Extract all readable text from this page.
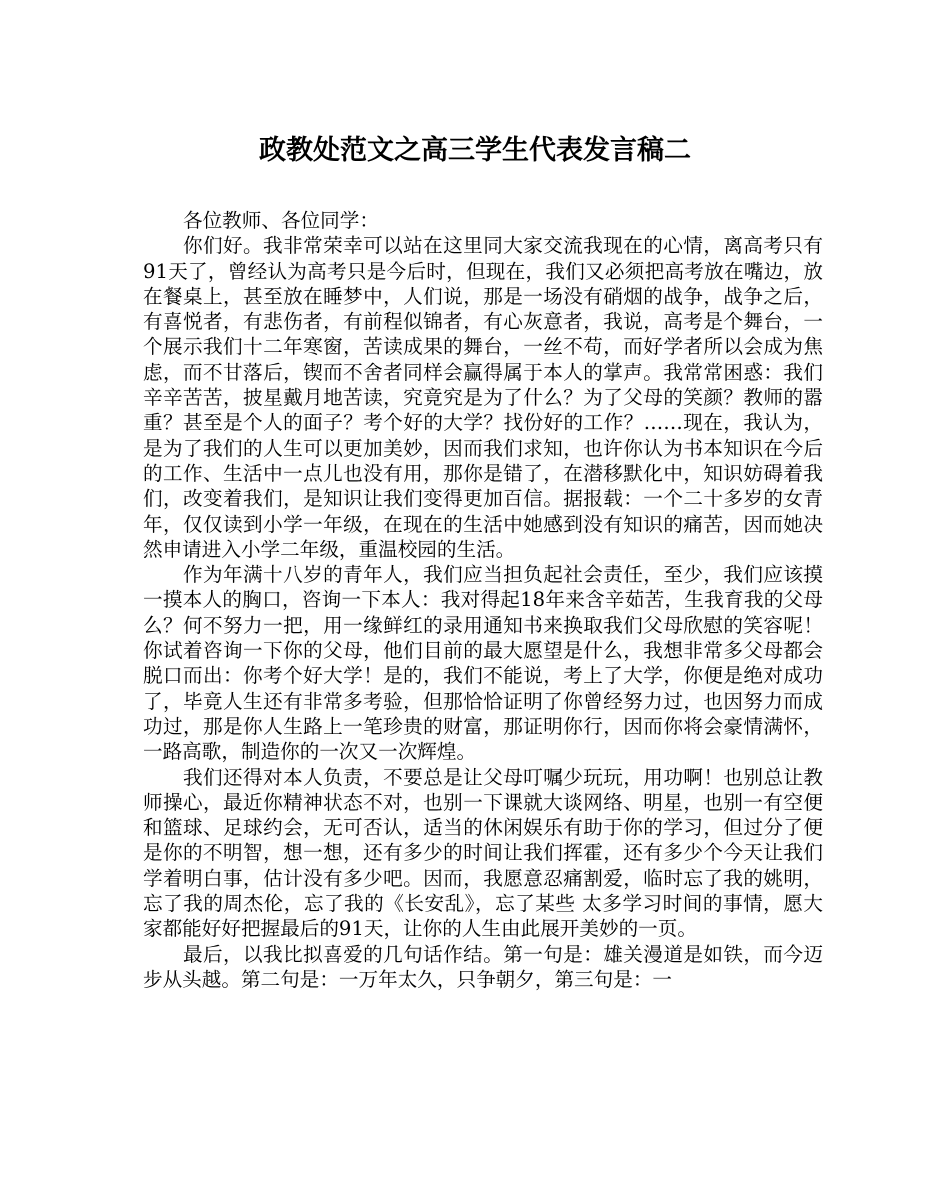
政教处范文之高三学生代表发言稿二

各位教师、各位同学：

你们好。我非常荣幸可以站在这里同大家交流我现在的心情，离高考只有91天了，曾经认为高考只是今后时，但现在，我们又必须把高考放在嘴边，放在餐桌上，甚至放在睡梦中，人们说，那是一场没有硝烟的战争，战争之后，有喜悦者，有悲伤者，有前程似锦者，有心灰意者，我说，高考是个舞台，一个展示我们十二年寒窗，苦读成果的舞台，一丝不苟，而好学者所以会成为焦虑，而不甘落后，锲而不舍者同样会赢得属于本人的掌声。我常常困惑：我们辛辛苦苦，披星戴月地苦读，究竟究是为了什么？为了父母的笑颜？教师的嚣重？甚至是个人的面子？考个好的大学？找份好的工作？……现在，我认为，是为了我们的人生可以更加美妙，因而我们求知，也许你认为书本知识在今后的工作、生活中一点儿也没有用，那你是错了，在潜移默化中，知识妨碍着我们，改变着我们，是知识让我们变得更加百信。据报载：一个二十多岁的女青年，仅仅读到小学一年级，在现在的生活中她感到没有知识的痛苦，因而她决然申请进入小学二年级，重温校园的生活。

作为年满十八岁的青年人，我们应当担负起社会责任，至少，我们应该摸一摸本人的胸口，咨询一下本人：我对得起18年来含辛茹苦，生我育我的父母么？何不努力一把，用一缘鲜红的录用通知书来换取我们父母欣慰的笑容呢！你试着咨询一下你的父母，他们目前的最大愿望是什么，我想非常多父母都会脱口而出：你考个好大学！是的，我们不能说，考上了大学，你便是绝对成功了，毕竟人生还有非常多考验，但那恰恰证明了你曾经努力过，也因努力而成功过，那是你人生路上一笔珍贵的财富，那证明你行，因而你将会豪情满怀，一路高歌，制造你的一次又一次辉煌。

我们还得对本人负责，不要总是让父母叮嘱少玩玩，用功啊！也别总让教师操心，最近你精神状态不对，也别一下课就大谈网络、明星，也别一有空便和篮球、足球约会，无可否认，适当的休闲娱乐有助于你的学习，但过分了便是你的不明智，想一想，还有多少的时间让我们挥霍，还有多少个今天让我们学着明白事，估计没有多少吧。因而，我愿意忍痛割爱，临时忘了我的姚明，忘了我的周杰伦，忘了我的《长安乱》，忘了某些 太多学习时间的事情，愿大家都能好好把握最后的91天，让你的人生由此展开美妙的一页。

最后，以我比拟喜爱的几句话作结。第一句是：雄关漫道是如铁，而今迈步从头越。第二句是：一万年太久，只争朝夕，第三句是：一
